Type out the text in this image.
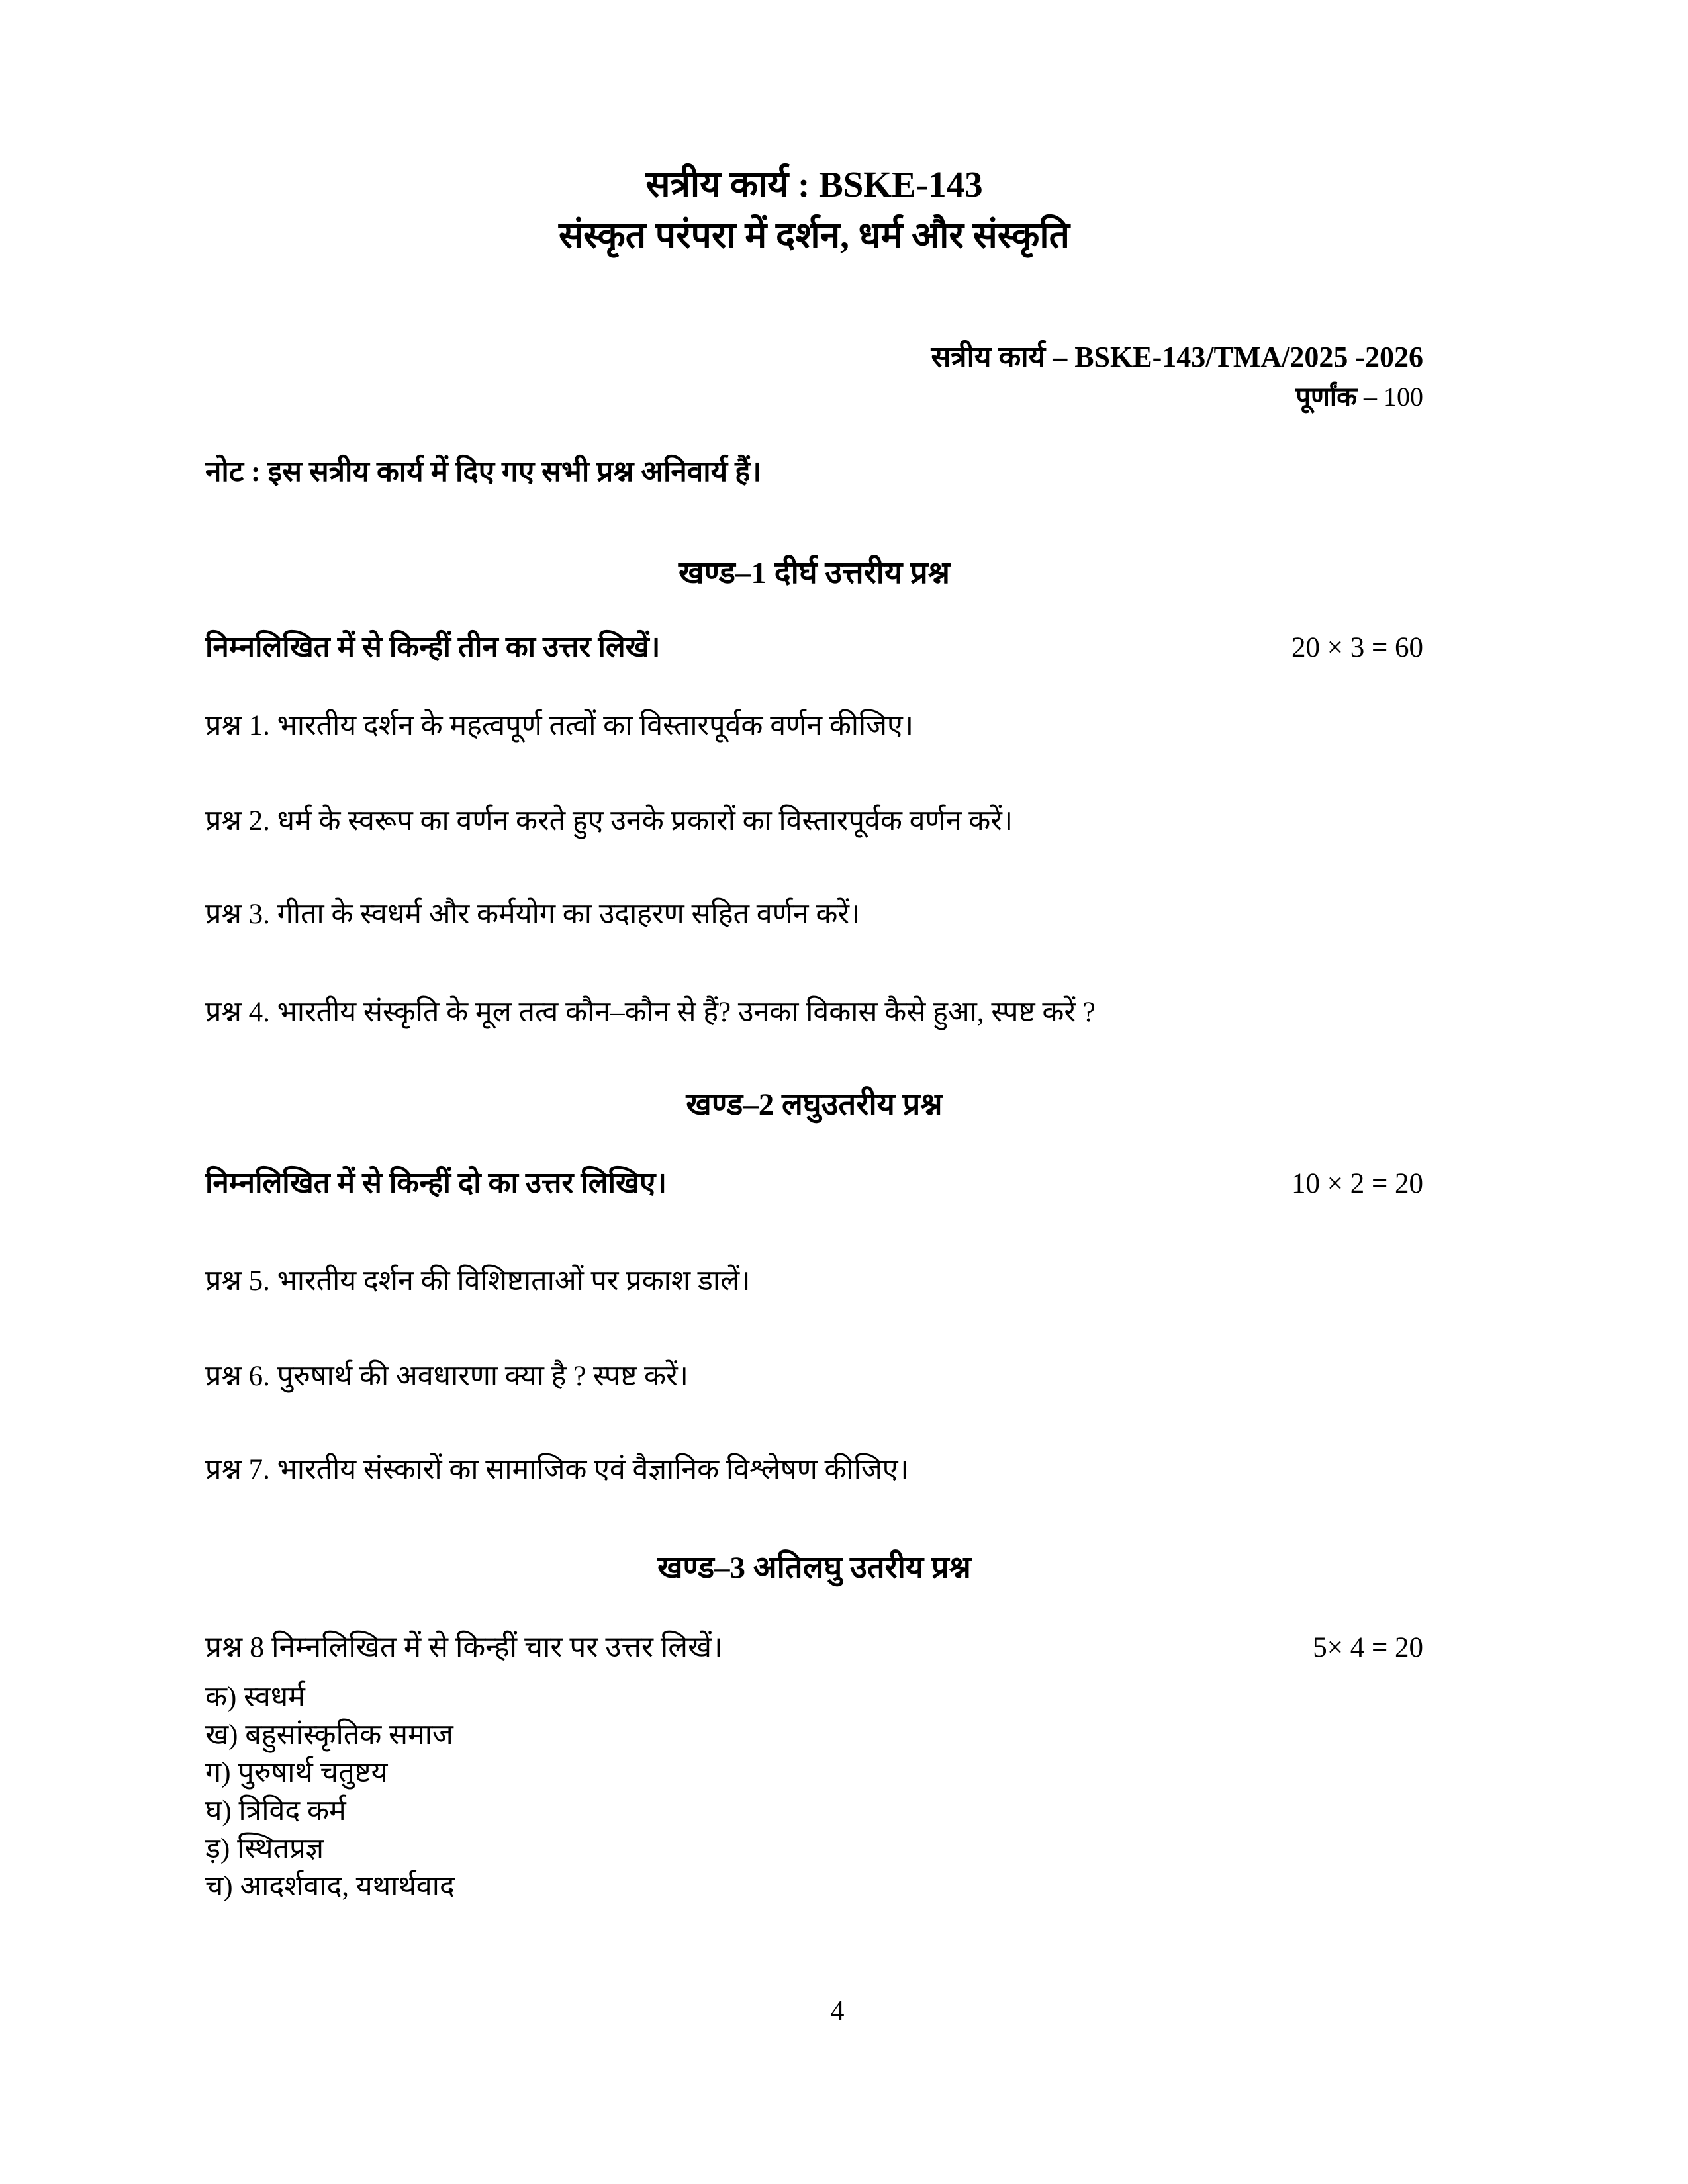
सत्रीय कार्य : BSKE-143
संस्कृत परंपरा में दर्शन, धर्म और संस्कृति
सत्रीय कार्य – BSKE-143/TMA/2025 -2026
पूर्णांक – 100
नोट : इस सत्रीय कार्य में दिए गए सभी प्रश्न अनिवार्य हैं।
खण्ड–1 दीर्घ उत्तरीय प्रश्न
निम्नलिखित में से किन्हीं तीन का उत्तर लिखें।	20 × 3 = 60
प्रश्न 1. भारतीय दर्शन के महत्वपूर्ण तत्वों का विस्तारपूर्वक वर्णन कीजिए।
प्रश्न 2. धर्म के स्वरूप का वर्णन करते हुए उनके प्रकारों का विस्तारपूर्वक वर्णन करें।
प्रश्न 3. गीता के स्वधर्म और कर्मयोग का उदाहरण सहित वर्णन करें।
प्रश्न 4. भारतीय संस्कृति के मूल तत्व कौन–कौन से हैं? उनका विकास कैसे हुआ, स्पष्ट करें ?
खण्ड–2 लघुउतरीय प्रश्न
निम्नलिखित में से किन्हीं दो का उत्तर लिखिए।	10 × 2 = 20
प्रश्न 5. भारतीय दर्शन की विशिष्टाताओं पर प्रकाश डालें।
प्रश्न 6. पुरुषार्थ की अवधारणा क्या है ? स्पष्ट करें।
प्रश्न 7. भारतीय संस्कारों का सामाजिक एवं वैज्ञानिक विश्लेषण कीजिए।
खण्ड–3 अतिलघु उतरीय प्रश्न
प्रश्न 8 निम्नलिखित में से किन्हीं चार पर उत्तर लिखें।	5× 4 = 20
क) स्वधर्म
ख) बहुसांस्कृतिक समाज
ग) पुरुषार्थ चतुष्टय
घ) त्रिविद कर्म
ड़) स्थितप्रज्ञ
च) आदर्शवाद, यथार्थवाद
4
